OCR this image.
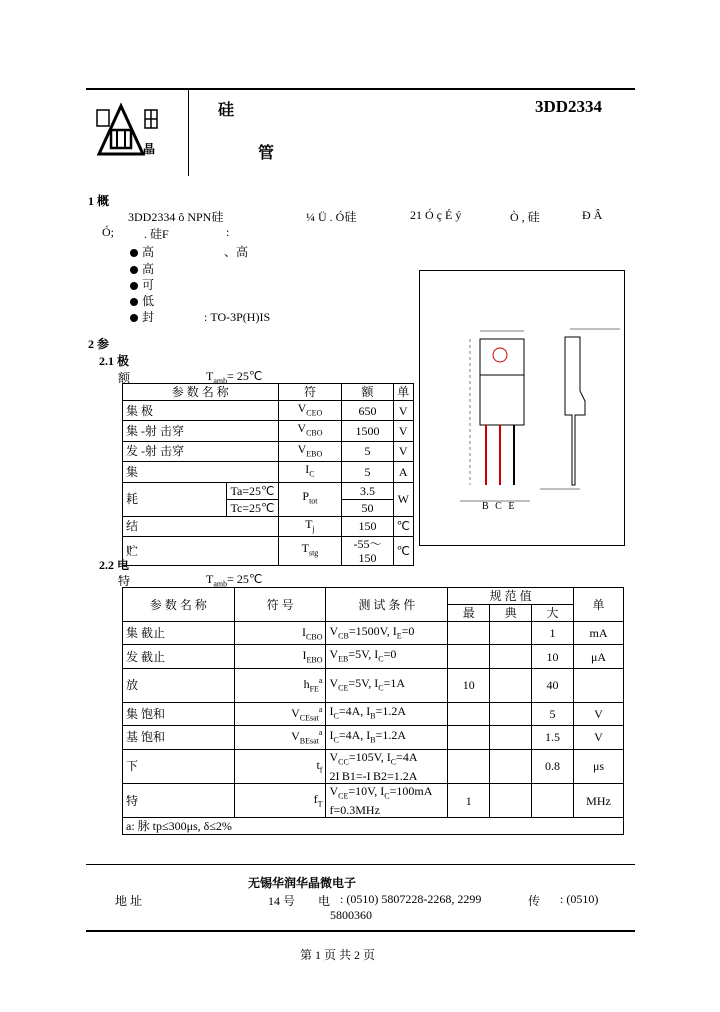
晶
硅
管
3DD2334
1 概
3DD2334 ô NPN硅	¼ Ü . Ó硅	21 Ó ç É ý	Ò , 硅	Ð Â
Ó;	. 硅F	:
高	、高
高
可
低
封	: TO-3P(H)IS
B C E
2 参
2.1 极
额	$T_{amb}=$ 25℃
参 数 名 称		符	额	单
集 极		$V_{CEO}$	650	V
集 -射 击穿		$V_{CBO}$	1500	V
发 -射 击穿		$V_{EBO}$	5	V
集		$I_C$	5	A
耗	Ta=25℃	$P_{tot}$	3.5	W
	Tc=25℃		50	
结		$T_j$	150	℃
贮		$T_{stg}$	-55～150	℃
2.2 电
特	$T_{amb}=$ 25℃
参 数 名 称	符 号	测 试 条 件	规 范 值			单
			最	典	大	
集 截止	$I_{CBO}$	$V_{CB}=1500V$, $I_E=0$			1	mA
发 截止	$I_{EBO}$	$V_{EB}=5V$, $I_C=0$			10	μA
放	$h_{FE}^a$	$V_{CE}=5V$, $I_C=1A$	10		40	
集 饱和	$V_{CEsat}^a$	$I_C=4A$, $I_B=1.2A$			5	V
基 饱和	$V_{BEsat}^a$	$I_C=4A$, $I_B=1.2A$			1.5	V
下	$t_f$	$V_{CC}=105V$, $I_C=4A$
2I B1=-I B2=1.2A			0.8	μs
特	$f_T$	$V_{CE}=10V$, $I_C=100mA$
f=0.3MHz	1			MHz
a: 脉 tp≤300μs, δ≤2%						
无锡华润华晶微电子
地 址	14 号 电 : (0510) 5807228-2268, 2299	传 : (0510)
5800360
第 1 页 共 2 页
